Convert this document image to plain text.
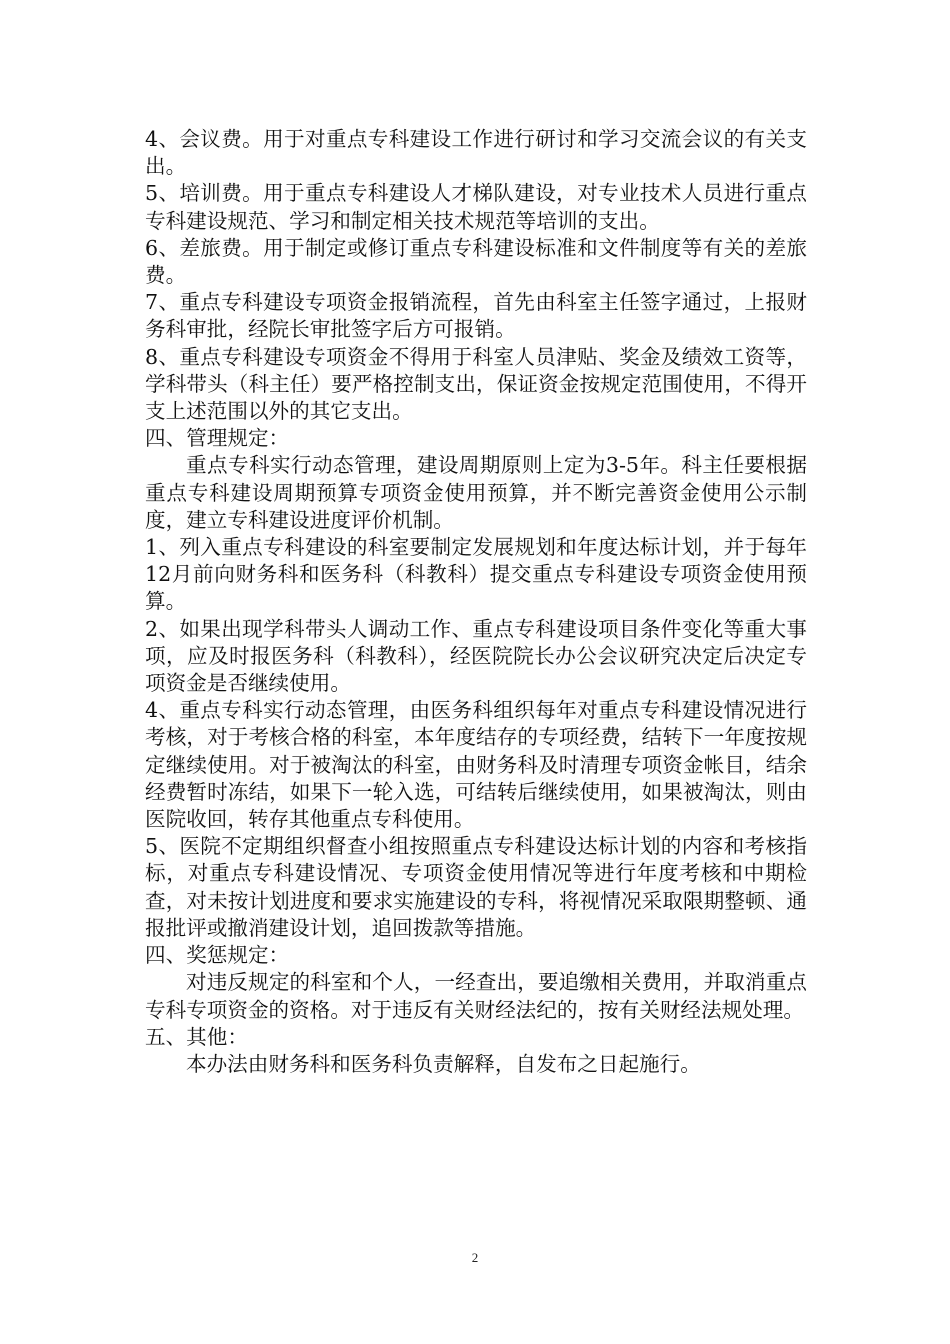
4、会议费。用于对重点专科建设工作进行研讨和学习交流会议的有关支出。

5、培训费。用于重点专科建设人才梯队建设，对专业技术人员进行重点专科建设规范、学习和制定相关技术规范等培训的支出。

6、差旅费。用于制定或修订重点专科建设标准和文件制度等有关的差旅费。

7、重点专科建设专项资金报销流程，首先由科室主任签字通过，上报财务科审批，经院长审批签字后方可报销。

8、重点专科建设专项资金不得用于科室人员津贴、奖金及绩效工资等，学科带头（科主任）要严格控制支出，保证资金按规定范围使用，不得开支上述范围以外的其它支出。

四、管理规定：

重点专科实行动态管理，建设周期原则上定为3-5年。科主任要根据重点专科建设周期预算专项资金使用预算，并不断完善资金使用公示制度，建立专科建设进度评价机制。

1、列入重点专科建设的科室要制定发展规划和年度达标计划，并于每年12月前向财务科和医务科（科教科）提交重点专科建设专项资金使用预算。

2、如果出现学科带头人调动工作、重点专科建设项目条件变化等重大事项，应及时报医务科（科教科），经医院院长办公会议研究决定后决定专项资金是否继续使用。

4、重点专科实行动态管理，由医务科组织每年对重点专科建设情况进行考核，对于考核合格的科室，本年度结存的专项经费，结转下一年度按规定继续使用。对于被淘汰的科室，由财务科及时清理专项资金帐目，结余经费暂时冻结，如果下一轮入选，可结转后继续使用，如果被淘汰，则由医院收回，转存其他重点专科使用。

5、医院不定期组织督查小组按照重点专科建设达标计划的内容和考核指标，对重点专科建设情况、专项资金使用情况等进行年度考核和中期检查，对未按计划进度和要求实施建设的专科，将视情况采取限期整顿、通报批评或撤消建设计划，追回拨款等措施。

四、奖惩规定：

对违反规定的科室和个人，一经查出，要追缴相关费用，并取消重点专科专项资金的资格。对于违反有关财经法纪的，按有关财经法规处理。

五、其他：

本办法由财务科和医务科负责解释，自发布之日起施行。

2
